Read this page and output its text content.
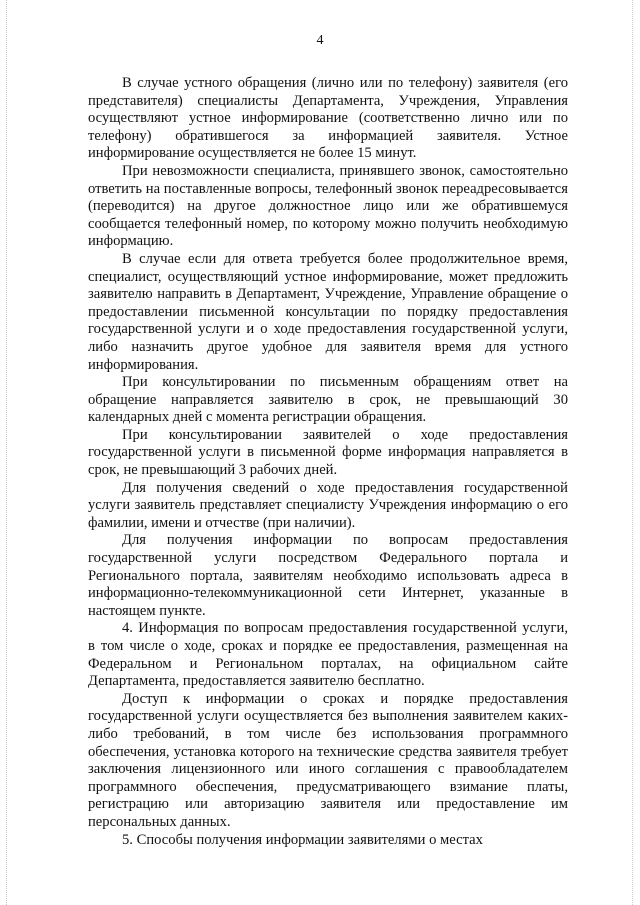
4

В случае устного обращения (лично или по телефону) заявителя (его представителя) специалисты Департамента, Учреждения, Управления осуществляют устное информирование (соответственно лично или по телефону) обратившегося за информацией заявителя. Устное информирование осуществляется не более 15 минут.

При невозможности специалиста, принявшего звонок, самостоятельно ответить на поставленные вопросы, телефонный звонок переадресовывается (переводится) на другое должностное лицо или же обратившемуся сообщается телефонный номер, по которому можно получить необходимую информацию.

В случае если для ответа требуется более продолжительное время, специалист, осуществляющий устное информирование, может предложить заявителю направить в Департамент, Учреждение, Управление обращение о предоставлении письменной консультации по порядку предоставления государственной услуги и о ходе предоставления государственной услуги, либо назначить другое удобное для заявителя время для устного информирования.

При консультировании по письменным обращениям ответ на обращение направляется заявителю в срок, не превышающий 30 календарных дней с момента регистрации обращения.

При консультировании заявителей о ходе предоставления государственной услуги в письменной форме информация направляется в срок, не превышающий 3 рабочих дней.

Для получения сведений о ходе предоставления государственной услуги заявитель представляет специалисту Учреждения информацию о его фамилии, имени и отчестве (при наличии).

Для получения информации по вопросам предоставления государственной услуги посредством Федерального портала и Регионального портала, заявителям необходимо использовать адреса в информационно-телекоммуникационной сети Интернет, указанные в настоящем пункте.

4. Информация по вопросам предоставления государственной услуги, в том числе о ходе, сроках и порядке ее предоставления, размещенная на Федеральном и Региональном порталах, на официальном сайте Департамента, предоставляется заявителю бесплатно.

Доступ к информации о сроках и порядке предоставления государственной услуги осуществляется без выполнения заявителем каких-либо требований, в том числе без использования программного обеспечения, установка которого на технические средства заявителя требует заключения лицензионного или иного соглашения с правообладателем программного обеспечения, предусматривающего взимание платы, регистрацию или авторизацию заявителя или предоставление им персональных данных.

5. Способы получения информации заявителями о местах
